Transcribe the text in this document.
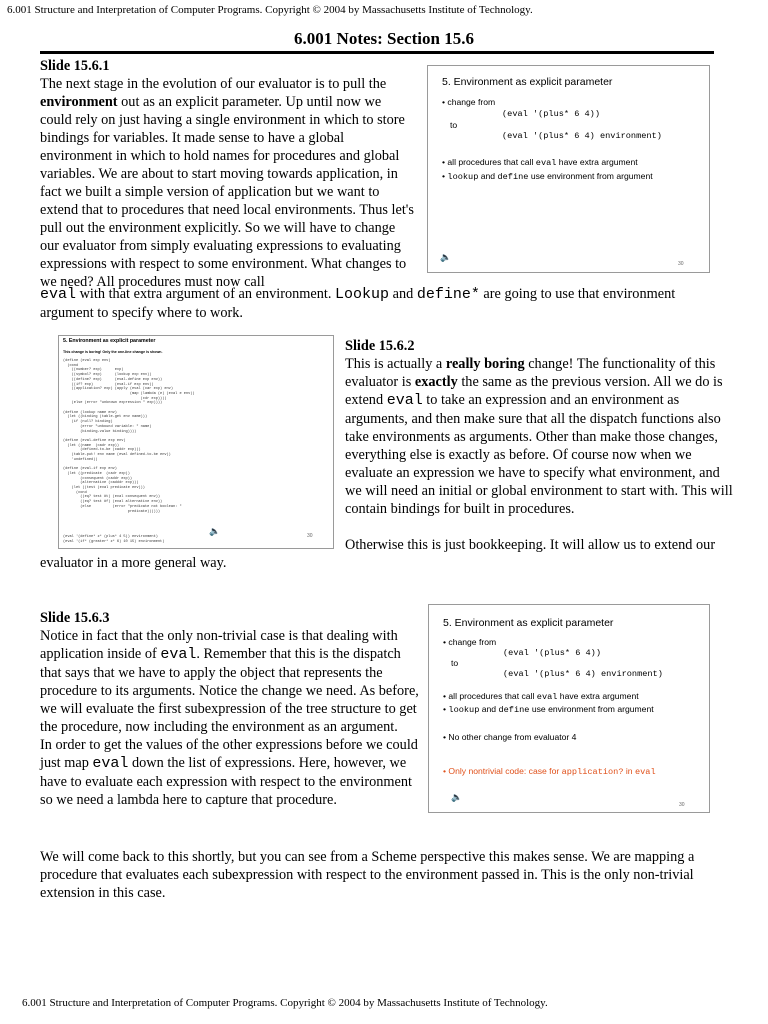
6.001 Structure and Interpretation of Computer Programs. Copyright © 2004 by Massachusetts Institute of Technology.
6.001 Notes: Section 15.6

Slide 15.6.1
The next stage in the evolution of our evaluator is to pull the environment out as an explicit parameter. Up until now we could rely on just having a single environment in which to store bindings for variables. It made sense to have a global environment in which to hold names for procedures and global variables. We are about to start moving towards application, in fact we built a simple version of application but we want to extend that to procedures that need local environments. Thus let's pull out the environment explicitly. So we will have to change our evaluator from simply evaluating expressions to evaluating expressions with respect to some environment. What changes to we need? All procedures must now call

eval with that extra argument of an environment. Lookup and define* are going to use that environment argument to specify where to work.

5. Environment as explicit parameter
• change from
(eval '(plus* 6 4))
to
(eval '(plus* 6 4) environment)
• all procedures that call eval have extra argument
• lookup and define use environment from argument
🔈
30
5. Environment as explicit parameter
This change is boring! Only the one-line change is shown.
(define (eval exp env)
(cond
((number? exp)      exp)
((symbol? exp)      (lookup exp env))
((define? exp)      (eval-define exp env))
((if? exp)          (eval-if exp env))
((application? exp) (apply (eval (car exp) env)
(map (lambda (e) (eval e env))
(cdr exp))))
(else (error "unknown expression " exp))))

(define (lookup name env)
(let ((binding (table-get env name)))
(if (null? binding)
(error "unbound variable: " name)
(binding-value binding))))

(define (eval-define exp env)
(let ((name  (cadr exp))
(defined-to-be (caddr exp)))
(table-put! env name (eval defined-to-be env))
'undefined))

(define (eval-if exp env)
(let ((predicate  (cadr exp))
(consequent (caddr exp))
(alternative (cadddr exp)))
(let ((test (eval predicate env)))
(cond
((eq? test #t) (eval consequent env))
((eq? test #f) (eval alternative env))
(else          (error "predicate not boolean: "
predicate))))))
(eval '(define* z* (plus* 4 5)) environment)
(eval '(if* (greater* z* 6) 10 15) environment)
🔈	30

Slide 15.6.2
This is actually a really boring change! The functionality of this evaluator is exactly the same as the previous version. All we do is extend eval to take an expression and an environment as arguments, and then make sure that all the dispatch functions also take environments as arguments. Other than make those changes, everything else is exactly as before. Of course now when we evaluate an expression we have to specify what environment, and we will need an initial or global environment to start with. This will contain bindings for built in procedures.

Otherwise this is just bookkeeping. It will allow us to extend our evaluator in a more general way.

Slide 15.6.3
Notice in fact that the only non-trivial case is that dealing with application inside of eval. Remember that this is the dispatch that says that we have to apply the object that represents the procedure to its arguments. Notice the change we need. As before, we will evaluate the first subexpression of the tree structure to get the procedure, now including the environment as an argument.
In order to get the values of the other expressions before we could just map eval down the list of expressions. Here, however, we have to evaluate each expression with respect to the environment so we need a lambda here to capture that procedure.

We will come back to this shortly, but you can see from a Scheme perspective this makes sense. We are mapping a procedure that evaluates each subexpression with respect to the environment passed in. This is the only non-trivial extension in this case.

5. Environment as explicit parameter
• change from
(eval '(plus* 6 4))
to
(eval '(plus* 6 4) environment)
• all procedures that call eval have extra argument
• lookup and define use environment from argument
• No other change from evaluator 4
• Only nontrivial code: case for application? in eval
🔈
30
6.001 Structure and Interpretation of Computer Programs. Copyright © 2004 by Massachusetts Institute of Technology.
